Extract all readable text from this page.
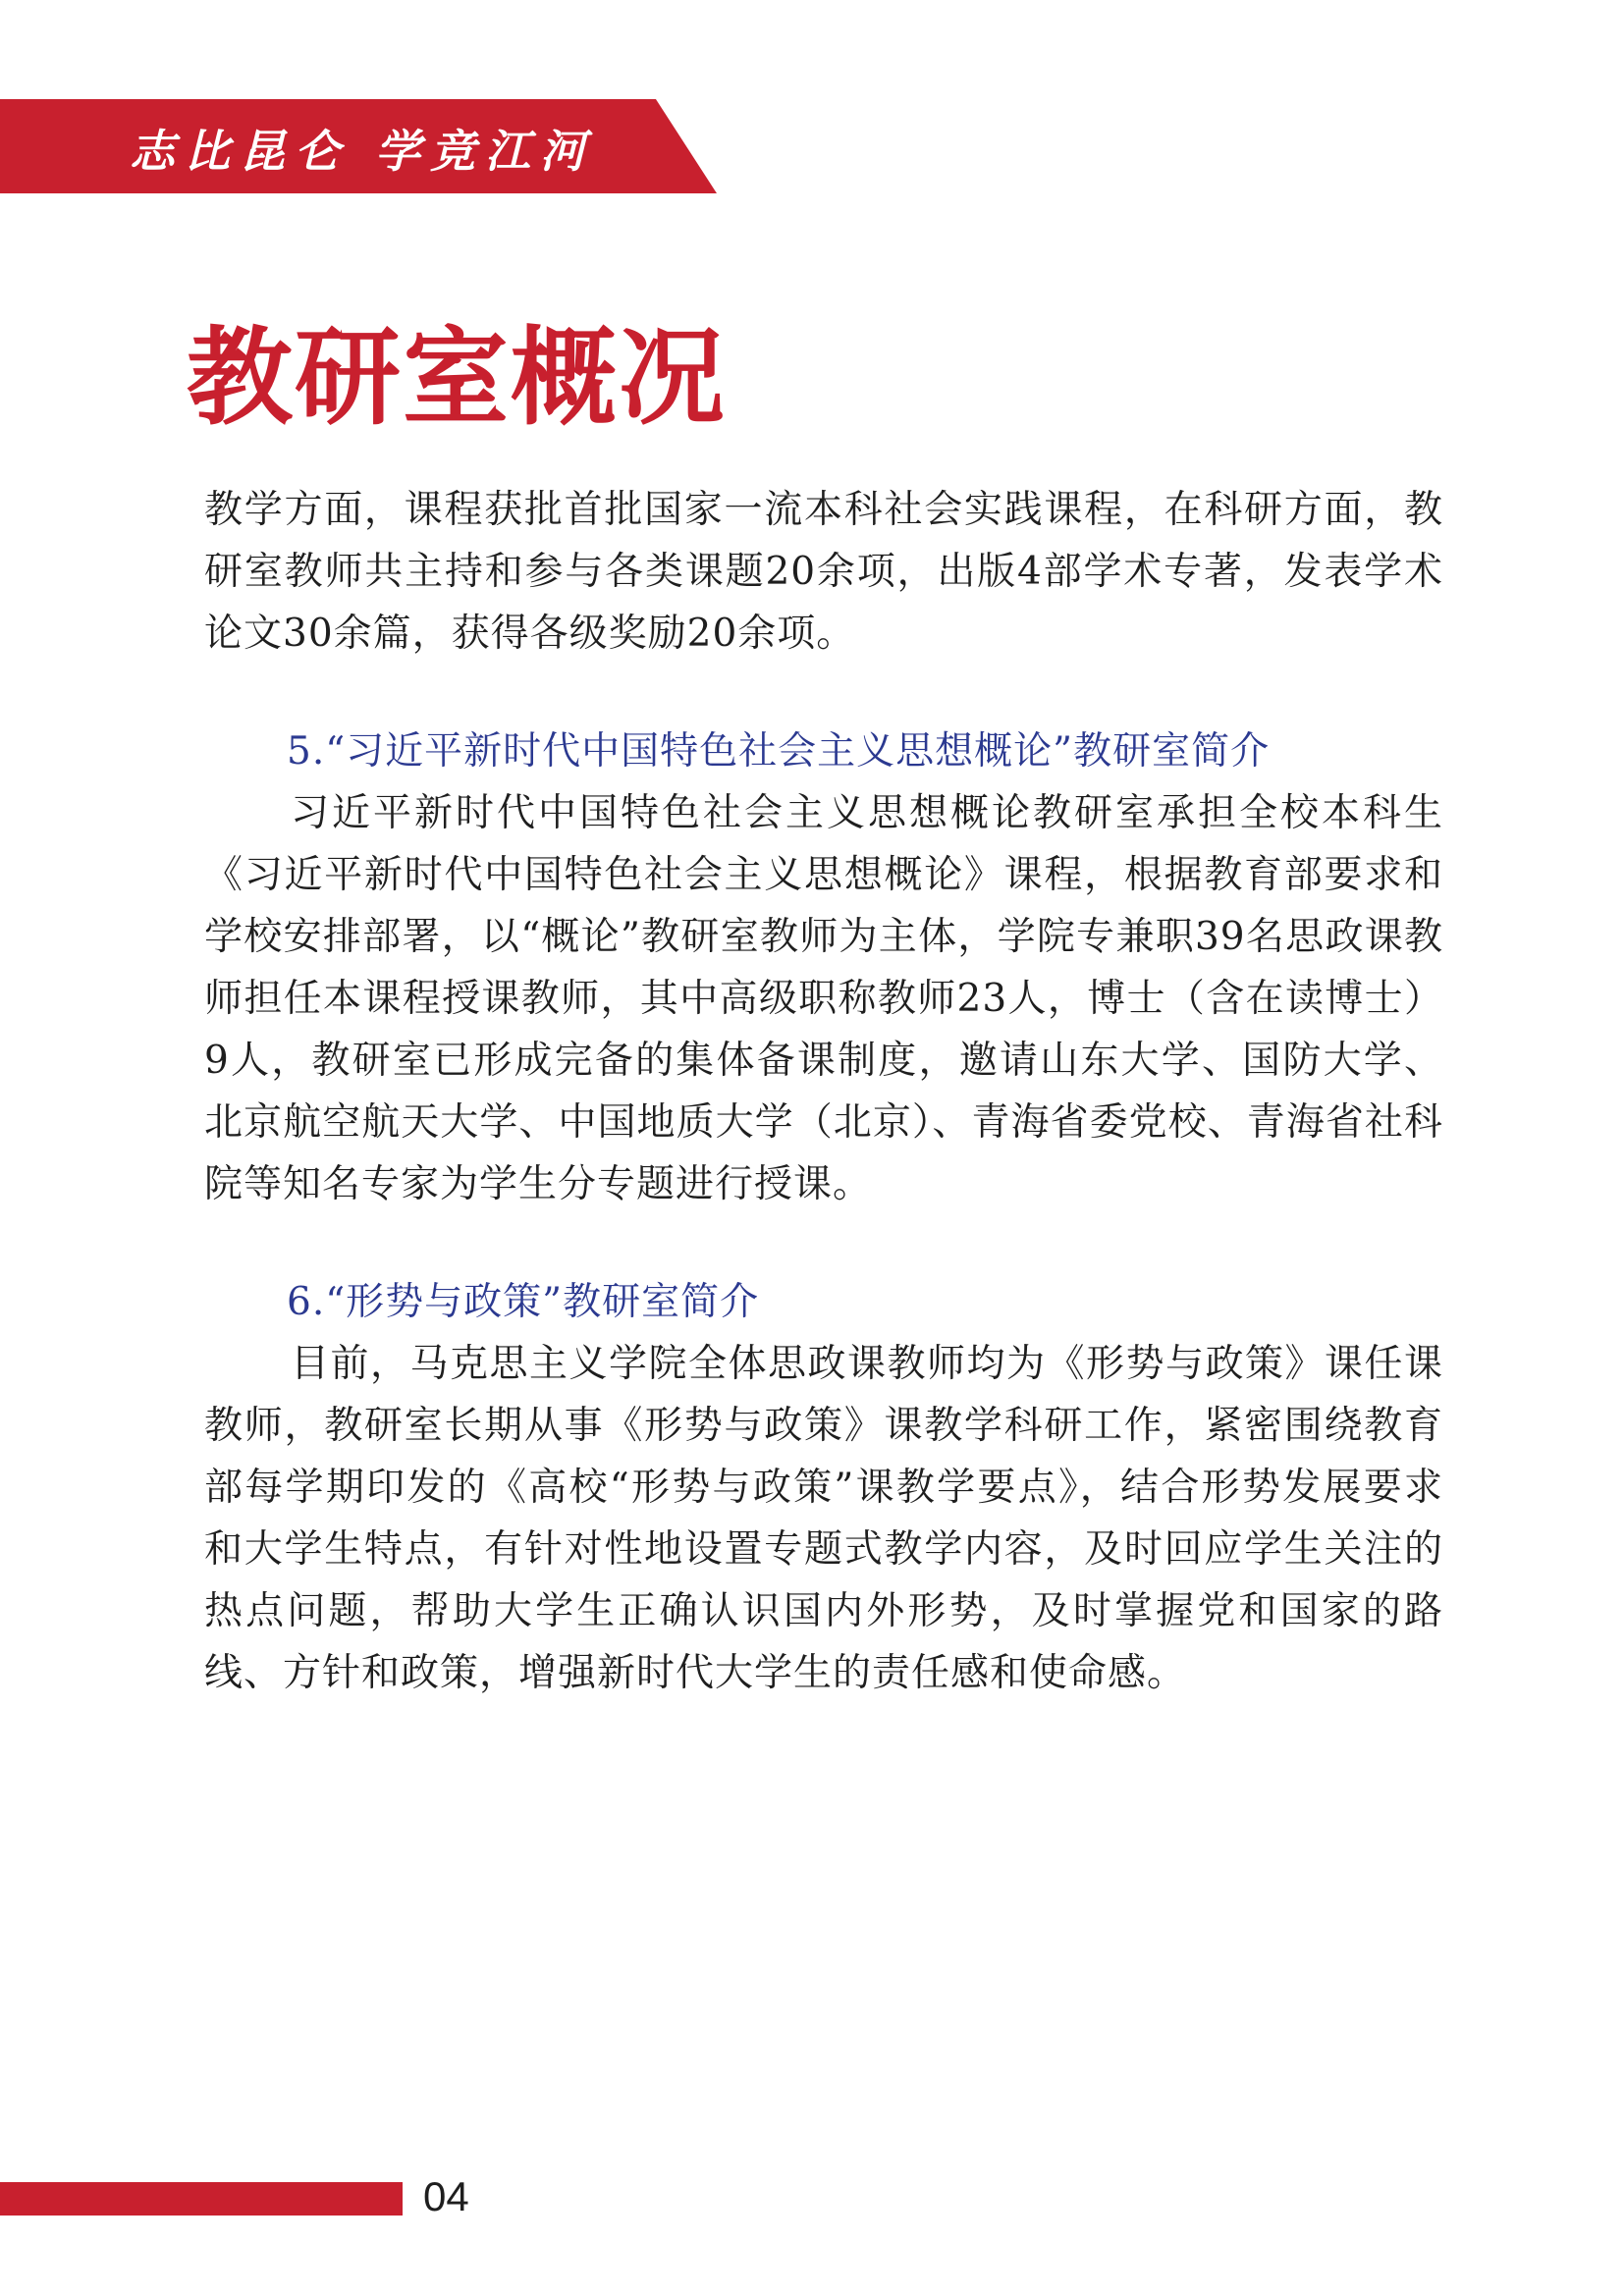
志比昆仑 学竞江河
教研室概况

教学方面，课程获批首批国家一流本科社会实践课程，在科研方面，教研室教师共主持和参与各类课题20余项，出版4部学术专著，发表学术论文30余篇，获得各级奖励20余项。

5.“习近平新时代中国特色社会主义思想概论”教研室简介

习近平新时代中国特色社会主义思想概论教研室承担全校本科生《习近平新时代中国特色社会主义思想概论》课程，根据教育部要求和学校安排部署，以“概论”教研室教师为主体，学院专兼职39名思政课教师担任本课程授课教师，其中高级职称教师23人，博士（含在读博士）9人，教研室已形成完备的集体备课制度，邀请山东大学、国防大学、北京航空航天大学、中国地质大学（北京）、青海省委党校、青海省社科院等知名专家为学生分专题进行授课。

6.“形势与政策”教研室简介

目前，马克思主义学院全体思政课教师均为《形势与政策》课任课教师，教研室长期从事《形势与政策》课教学科研工作，紧密围绕教育部每学期印发的《高校“形势与政策”课教学要点》，结合形势发展要求和大学生特点，有针对性地设置专题式教学内容，及时回应学生关注的热点问题，帮助大学生正确认识国内外形势，及时掌握党和国家的路线、方针和政策，增强新时代大学生的责任感和使命感。

04
